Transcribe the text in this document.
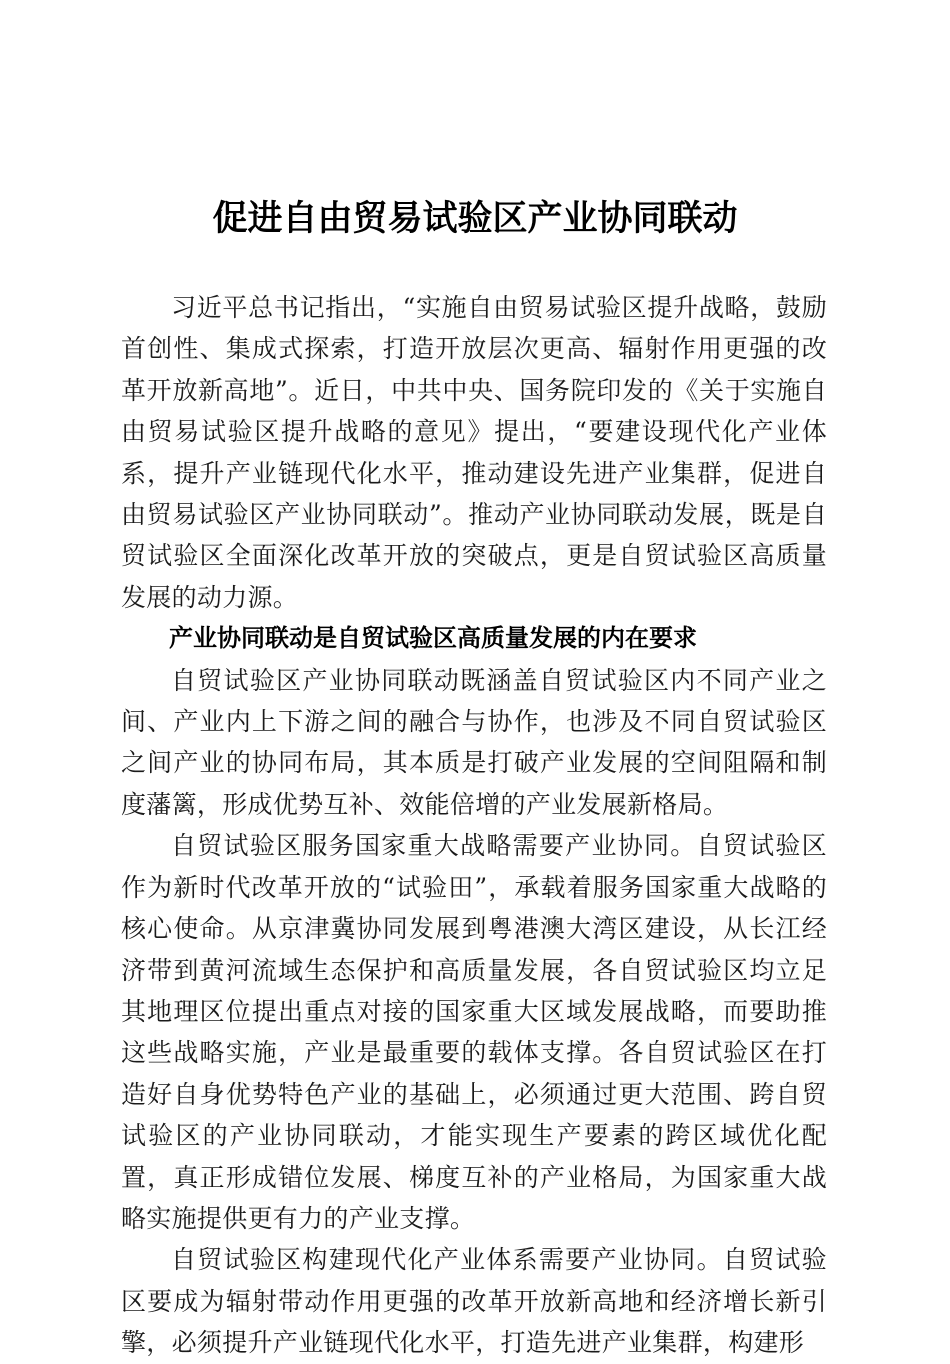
促进自由贸易试验区产业协同联动

习近平总书记指出，“实施自由贸易试验区提升战略，鼓励首创性、集成式探索，打造开放层次更高、辐射作用更强的改革开放新高地”。近日，中共中央、国务院印发的《关于实施自由贸易试验区提升战略的意见》提出，“要建设现代化产业体系，提升产业链现代化水平，推动建设先进产业集群，促进自由贸易试验区产业协同联动”。推动产业协同联动发展，既是自贸试验区全面深化改革开放的突破点，更是自贸试验区高质量发展的动力源。

产业协同联动是自贸试验区高质量发展的内在要求

自贸试验区产业协同联动既涵盖自贸试验区内不同产业之间、产业内上下游之间的融合与协作，也涉及不同自贸试验区之间产业的协同布局，其本质是打破产业发展的空间阻隔和制度藩篱，形成优势互补、效能倍增的产业发展新格局。

自贸试验区服务国家重大战略需要产业协同。自贸试验区作为新时代改革开放的“试验田”，承载着服务国家重大战略的核心使命。从京津冀协同发展到粤港澳大湾区建设，从长江经济带到黄河流域生态保护和高质量发展，各自贸试验区均立足其地理区位提出重点对接的国家重大区域发展战略，而要助推这些战略实施，产业是最重要的载体支撑。各自贸试验区在打造好自身优势特色产业的基础上，必须通过更大范围、跨自贸试验区的产业协同联动，才能实现生产要素的跨区域优化配置，真正形成错位发展、梯度互补的产业格局，为国家重大战略实施提供更有力的产业支撑。

自贸试验区构建现代化产业体系需要产业协同。自贸试验区要成为辐射带动作用更强的改革开放新高地和经济增长新引擎，必须提升产业链现代化水平，打造先进产业集群，构建形
